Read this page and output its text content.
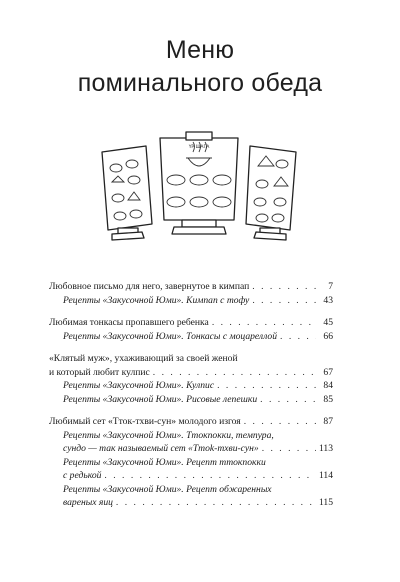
Меню
поминального обеда
ҮР ШАГА
Любовное письмо для него, завернутое в кимпап . . .	7
Рецепты «Закусочной Юми». Кимпап с тофу . . .	43
Любимая тонкасы пропавшего ребенка . . .	45
Рецепты «Закусочной Юми». Тонкасы с моцареллой . . .	66
«Клятый муж», ухаживающий за своей женой
и который любит кулпис . . .	67
Рецепты «Закусочной Юми». Кулпис . . .	84
Рецепты «Закусочной Юми». Рисовые лепешки . . .	85
Любимый сет «Тток-тхви-сун» молодого изгоя . . .	87
Рецепты «Закусочной Юми». Ттокпокки, темпура,
сундо — так называемый сет «Ттоk-тхви-сун» . . .	113
Рецепты «Закусочной Юми». Рецепт ттокпокки
с редькой . . .	114
Рецепты «Закусочной Юми». Рецепт обжаренных
вареных яиц . . .	115
